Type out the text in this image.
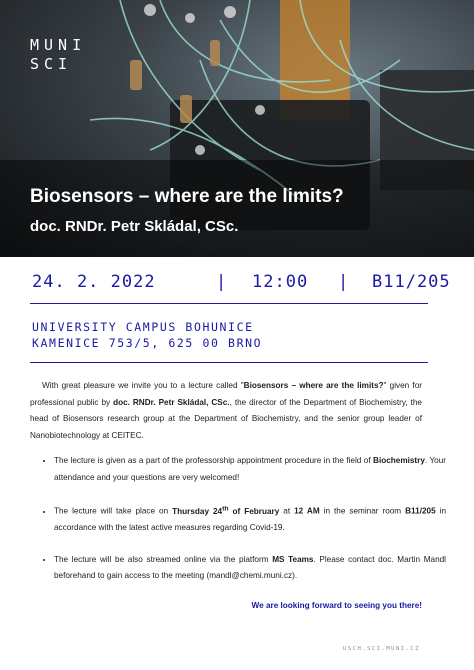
MUNI
SCI
Biosensors – where are the limits?
doc. RNDr. Petr Skládal, CSc.
24. 2. 2022	| 12:00 | B11/205
UNIVERSITY CAMPUS BOHUNICE
KAMENICE 753/5, 625 00 BRNO
With great pleasure we invite you to a lecture called "Biosensors – where are the limits?" given for professional public by doc. RNDr. Petr Skládal, CSc., the director of the Department of Biochemistry, the head of Biosensors research group at the Department of Biochemistry, and the senior group leader of Nanobiotechnology at CEITEC.
• The lecture is given as a part of the professorship appointment procedure in the field of Biochemistry. Your attendance and your questions are very welcomed!
• The lecture will take place on Thursday 24th of February at 12 AM in the seminar room B11/205 in accordance with the latest active measures regarding Covid-19.
• The lecture will be also streamed online via the platform MS Teams. Please contact doc. Martin Mandl beforehand to gain access to the meeting (mandl@chemi.muni.cz).
We are looking forward to seeing you there!
USCH.SCI.MUNI.CZ
